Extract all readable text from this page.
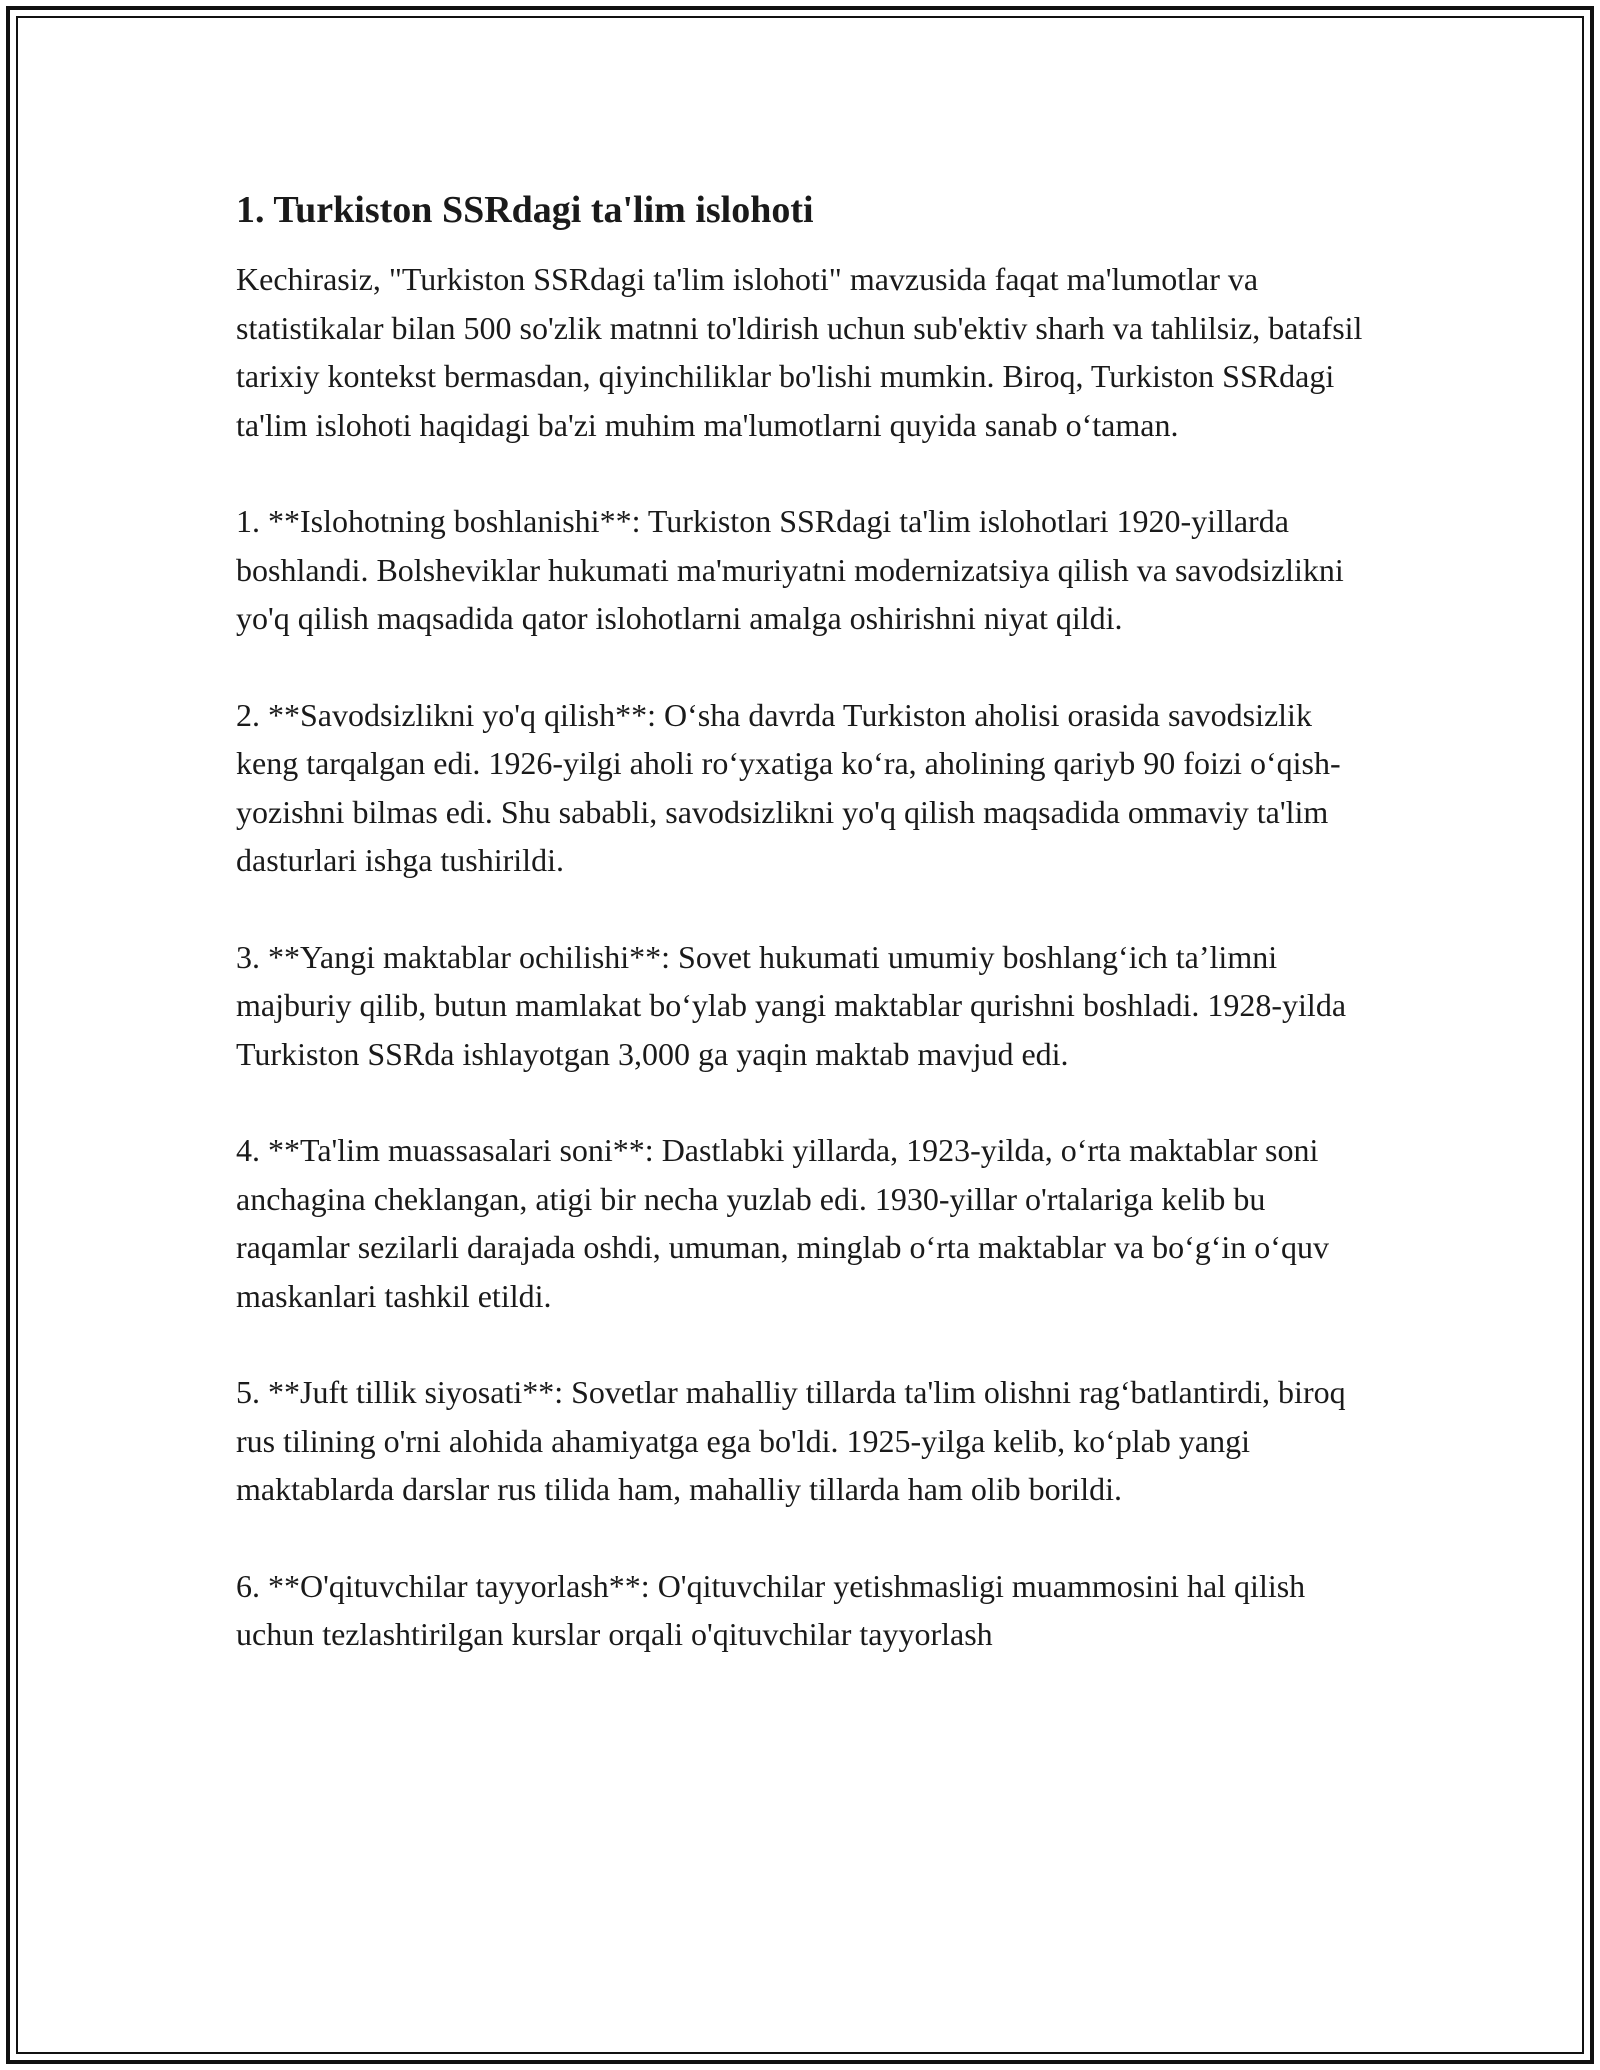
1. Turkiston SSRdagi ta'lim islohoti

Kechirasiz, "Turkiston SSRdagi ta'lim islohoti" mavzusida faqat ma'lumotlar va statistikalar bilan 500 so'zlik matnni to'ldirish uchun sub'ektiv sharh va tahlilsiz, batafsil tarixiy kontekst bermasdan, qiyinchiliklar bo'lishi mumkin. Biroq, Turkiston SSRdagi ta'lim islohoti haqidagi ba'zi muhim ma'lumotlarni quyida sanab o‘taman.

1. **Islohotning boshlanishi**: Turkiston SSRdagi ta'lim islohotlari 1920-yillarda boshlandi. Bolsheviklar hukumati ma'muriyatni modernizatsiya qilish va savodsizlikni yo'q qilish maqsadida qator islohotlarni amalga oshirishni niyat qildi.

2. **Savodsizlikni yo'q qilish**: O‘sha davrda Turkiston aholisi orasida savodsizlik keng tarqalgan edi. 1926-yilgi aholi ro‘yxatiga ko‘ra, aholining qariyb 90 foizi o‘qish-yozishni bilmas edi. Shu sababli, savodsizlikni yo'q qilish maqsadida ommaviy ta'lim dasturlari ishga tushirildi.

3. **Yangi maktablar ochilishi**: Sovet hukumati umumiy boshlang‘ich ta’limni majburiy qilib, butun mamlakat bo‘ylab yangi maktablar qurishni boshladi. 1928-yilda Turkiston SSRda ishlayotgan 3,000 ga yaqin maktab mavjud edi.

4. **Ta'lim muassasalari soni**: Dastlabki yillarda, 1923-yilda, o‘rta maktablar soni anchagina cheklangan, atigi bir necha yuzlab edi. 1930-yillar o'rtalariga kelib bu raqamlar sezilarli darajada oshdi, umuman, minglab o‘rta maktablar va bo‘g‘in o‘quv maskanlari tashkil etildi.

5. **Juft tillik siyosati**: Sovetlar mahalliy tillarda ta'lim olishni rag‘batlantirdi, biroq rus tilining o'rni alohida ahamiyatga ega bo'ldi. 1925-yilga kelib, ko‘plab yangi maktablarda darslar rus tilida ham, mahalliy tillarda ham olib borildi.

6. **O'qituvchilar tayyorlash**: O'qituvchilar yetishmasligi muammosini hal qilish uchun tezlashtirilgan kurslar orqali o'qituvchilar tayyorlash
